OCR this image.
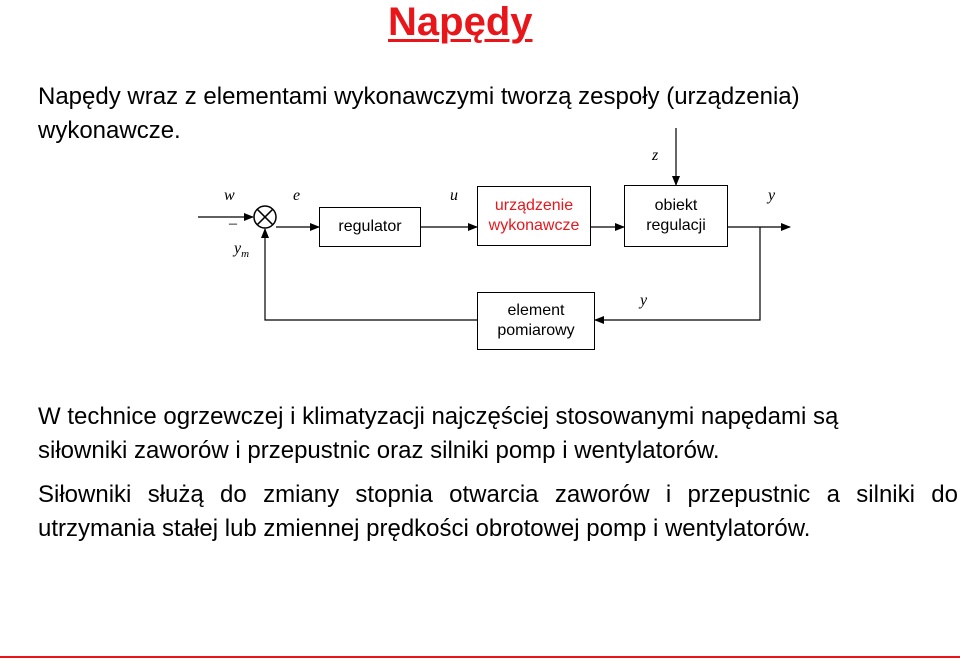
Napędy

Napędy wraz z elementami wykonawczymi tworzą zespoły (urządzenia) wykonawcze.

regulator
urządzenie
wykonawcze
obiekt
regulacji
element
pomiarowy
w
–
$y_m$
e	u
z
y
y

W technice ogrzewczej i klimatyzacji najczęściej stosowanymi napędami są siłowniki zaworów i przepustnic oraz silniki pomp i wentylatorów.

Siłowniki służą do zmiany stopnia otwarcia zaworów i przepustnic a silniki do utrzymania stałej lub zmiennej prędkości obrotowej pomp i wentylatorów.
